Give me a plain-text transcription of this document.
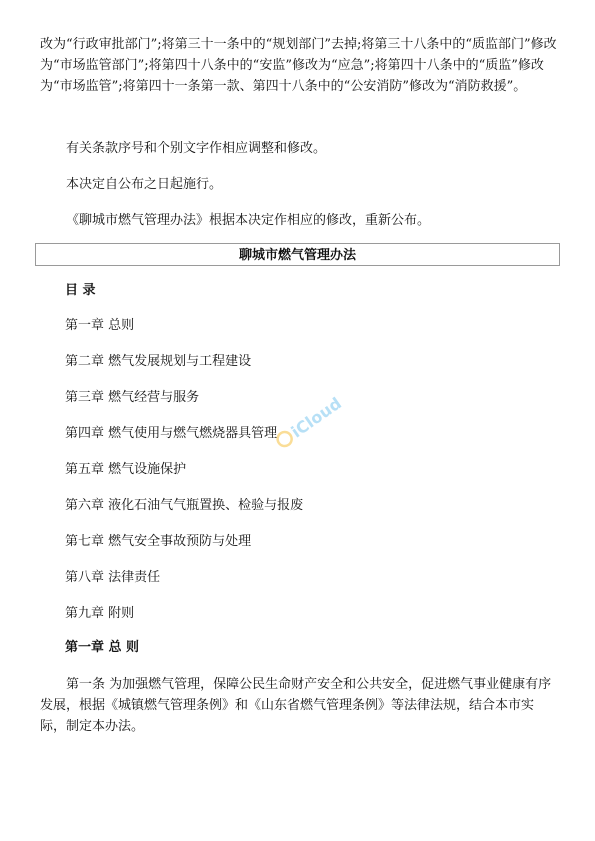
改为“行政审批部门”;将第三十一条中的“规划部门”去掉;将第三十八条中的“质监部门”修改为“市场监管部门”;将第四十八条中的“安监”修改为“应急”;将第四十八条中的“质监”修改为“市场监管”;将第四十一条第一款、第四十八条中的“公安消防”修改为“消防救援”。

有关条款序号和个别文字作相应调整和修改。

本决定自公布之日起施行。

《聊城市燃气管理办法》根据本决定作相应的修改，重新公布。

聊城市燃气管理办法
目 录
第一章 总则
第二章 燃气发展规划与工程建设
第三章 燃气经营与服务
第四章 燃气使用与燃气燃烧器具管理
第五章 燃气设施保护
第六章 液化石油气气瓶置换、检验与报废
第七章 燃气安全事故预防与处理
第八章 法律责任
第九章 附则
第一章 总 则

第一条 为加强燃气管理，保障公民生命财产安全和公共安全，促进燃气事业健康有序发展，根据《城镇燃气管理条例》和《山东省燃气管理条例》等法律法规，结合本市实际，制定本办法。

iCloud
